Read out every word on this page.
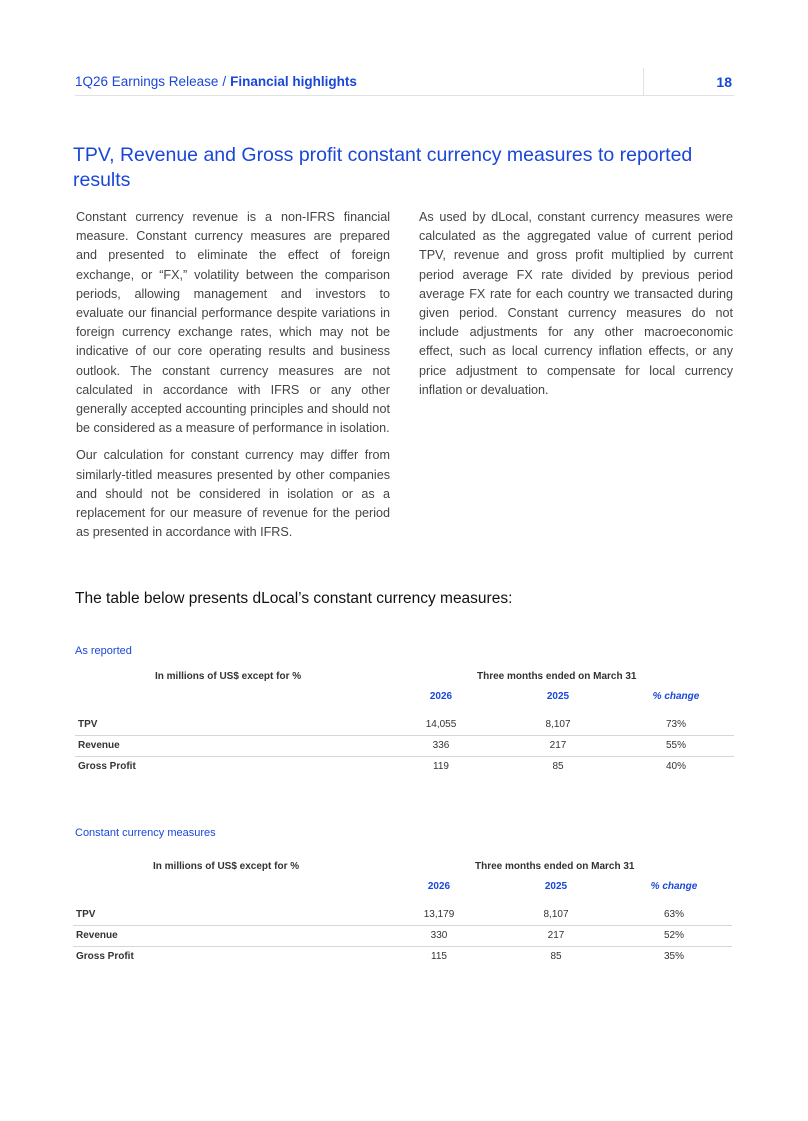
1Q26 Earnings Release / Financial highlights	18
TPV, Revenue and Gross profit constant currency measures to reported results

Constant currency revenue is a non-IFRS financial measure. Constant currency measures are prepared and presented to eliminate the effect of foreign exchange, or “FX,” volatility between the comparison periods, allowing management and investors to evaluate our financial performance despite variations in foreign currency exchange rates, which may not be indicative of our core operating results and business outlook. The constant currency measures are not calculated in accordance with IFRS or any other generally accepted accounting principles and should not be considered as a measure of performance in isolation.

Our calculation for constant currency may differ from similarly-titled measures presented by other companies and should not be considered in isolation or as a replacement for our measure of revenue for the period as presented in accordance with IFRS.

As used by dLocal, constant currency measures were calculated as the aggregated value of current period TPV, revenue and gross profit multiplied by current period average FX rate divided by previous period average FX rate for each country we transacted during given period. Constant currency measures do not include adjustments for any other macroeconomic effect, such as local currency inflation effects, or any price adjustment to compensate for local currency inflation or devaluation.

The table below presents dLocal’s constant currency measures:
As reported
In millions of US$ except for %	Three months ended on March 31
2026	2025	% change
TPV	14,055	8,107	73%
Revenue	336	217	55%
Gross Profit	119	85	40%
Constant currency measures
In millions of US$ except for %	Three months ended on March 31
2026	2025	% change
TPV	13,179	8,107	63%
Revenue	330	217	52%
Gross Profit	115	85	35%
